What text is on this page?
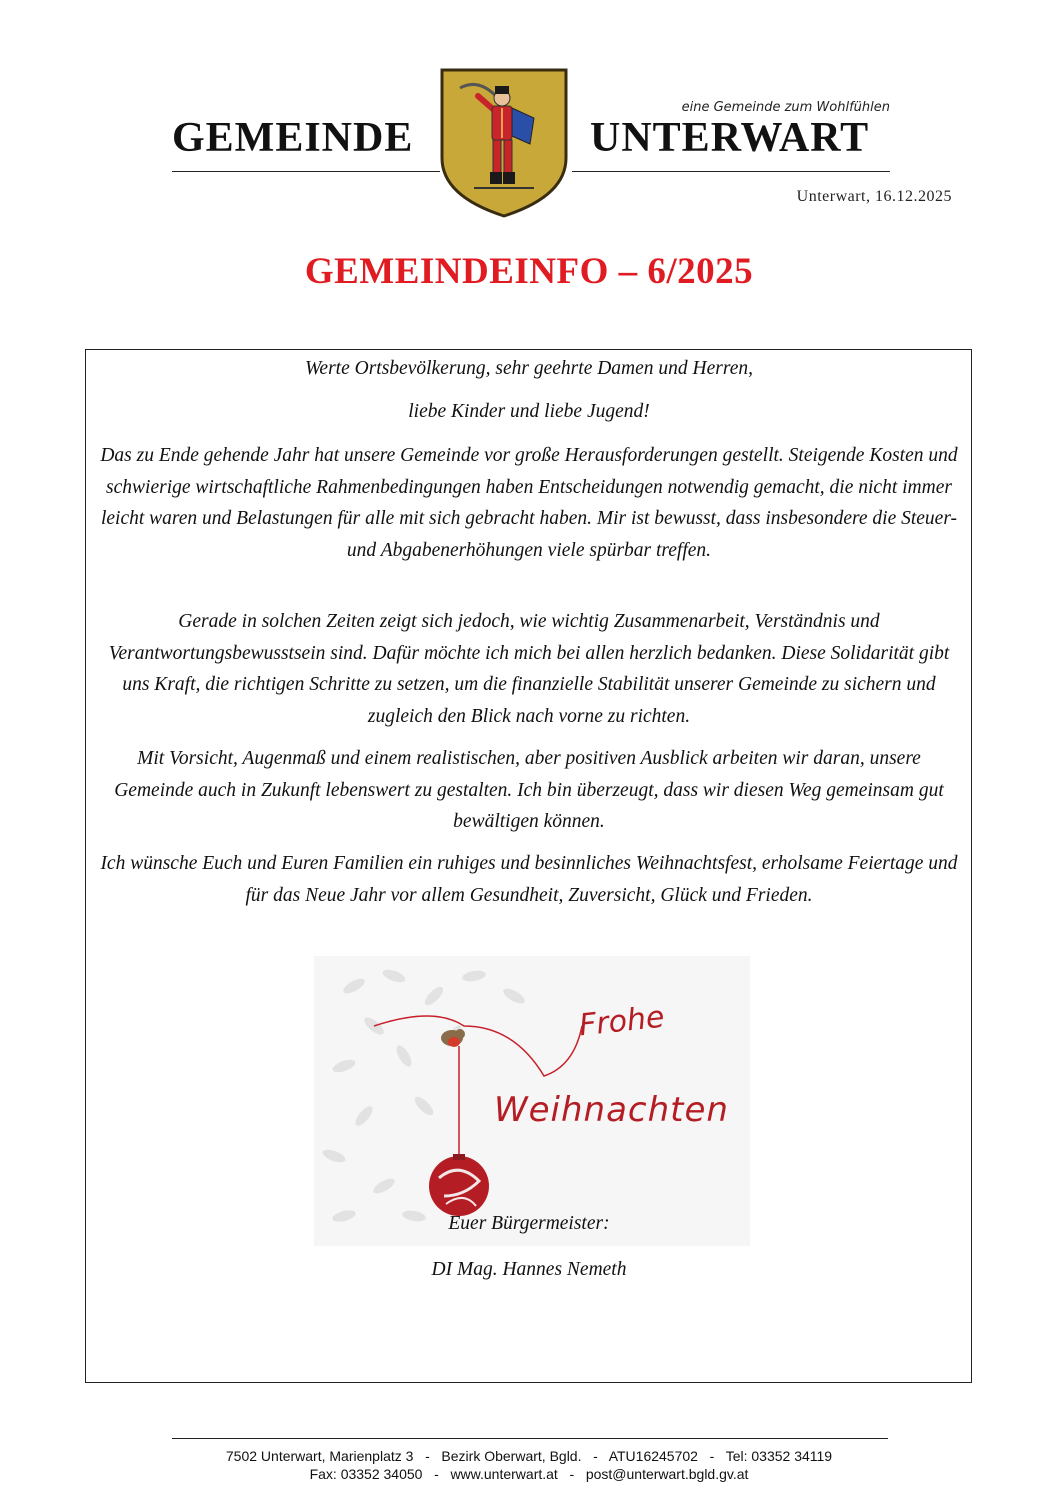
GEMEINDE
eine Gemeinde zum Wohlfühlen
UNTERWART
Unterwart, 16.12.2025
GEMEINDEINFO – 6/2025

Werte Ortsbevölkerung, sehr geehrte Damen und Herren,

liebe Kinder und liebe Jugend!

Das zu Ende gehende Jahr hat unsere Gemeinde vor große Herausforderungen gestellt. Steigende Kosten und schwierige wirtschaftliche Rahmenbedingungen haben Entscheidungen notwendig gemacht, die nicht immer leicht waren und Belastungen für alle mit sich gebracht haben. Mir ist bewusst, dass insbesondere die Steuer- und Abgabenerhöhungen viele spürbar treffen.

Gerade in solchen Zeiten zeigt sich jedoch, wie wichtig Zusammenarbeit, Verständnis und Verantwortungsbewusstsein sind. Dafür möchte ich mich bei allen herzlich bedanken. Diese Solidarität gibt uns Kraft, die richtigen Schritte zu setzen, um die finanzielle Stabilität unserer Gemeinde zu sichern und zugleich den Blick nach vorne zu richten.

Mit Vorsicht, Augenmaß und einem realistischen, aber positiven Ausblick arbeiten wir daran, unsere Gemeinde auch in Zukunft lebenswert zu gestalten. Ich bin überzeugt, dass wir diesen Weg gemeinsam gut bewältigen können.

Ich wünsche Euch und Euren Familien ein ruhiges und besinnliches Weihnachtsfest, erholsame Feiertage und für das Neue Jahr vor allem Gesundheit, Zuversicht, Glück und Frieden.

Frohe
Weihnachten

Euer Bürgermeister:

DI Mag. Hannes Nemeth

7502 Unterwart, Marienplatz 3   -   Bezirk Oberwart, Bgld.   -   ATU16245702   -   Tel: 03352 34119
Fax: 03352 34050   -   www.unterwart.at   -   post@unterwart.bgld.gv.at
